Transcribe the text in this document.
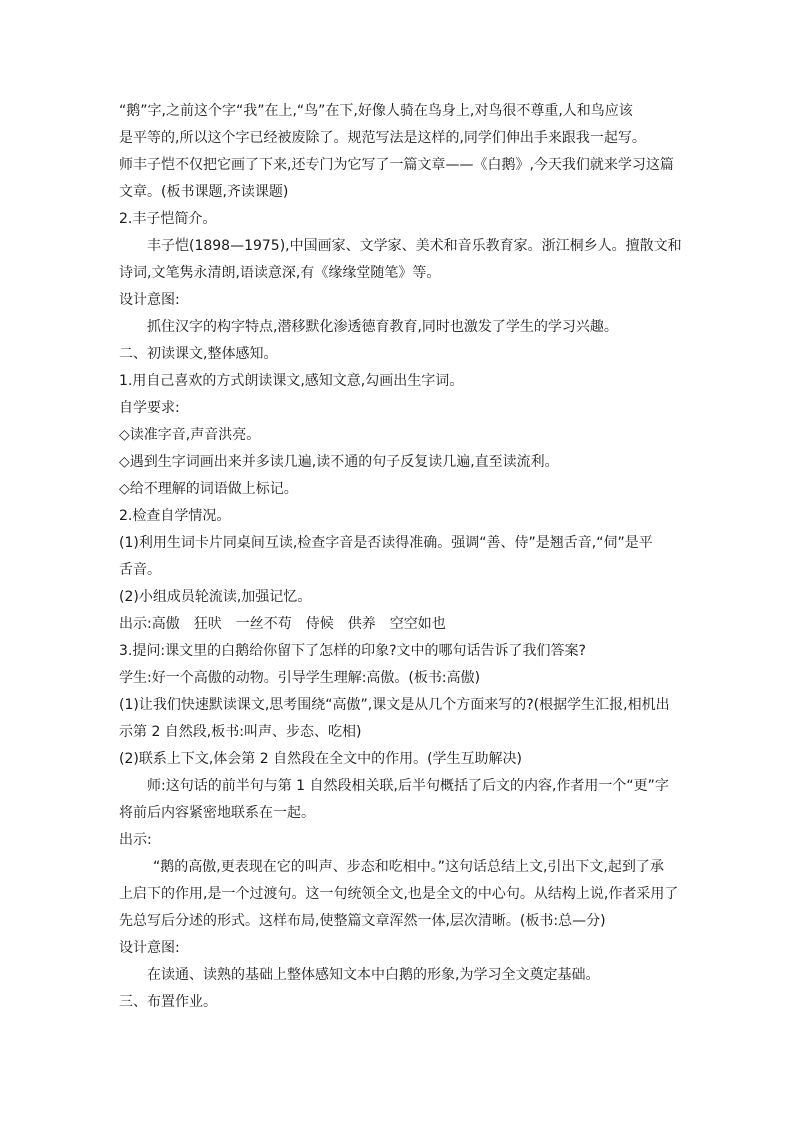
“鹅”字,之前这个字“我”在上,“鸟”在下,好像人骑在鸟身上,对鸟很不尊重,人和鸟应该

是平等的,所以这个字已经被废除了。规范写法是这样的,同学们伸出手来跟我一起写。

师丰子恺不仅把它画了下来,还专门为它写了一篇文章——《白鹅》,今天我们就来学习这篇

文章。(板书课题,齐读课题)

2.丰子恺简介。

丰子恺(1898—1975),中国画家、文学家、美术和音乐教育家。浙江桐乡人。擅散文和

诗词,文笔隽永清朗,语读意深,有《缘缘堂随笔》等。

设计意图:

抓住汉字的构字特点,潜移默化渗透德育教育,同时也激发了学生的学习兴趣。

二、初读课文,整体感知。

1.用自己喜欢的方式朗读课文,感知文意,勾画出生字词。

自学要求:

◇读准字音,声音洪亮。

◇遇到生字词画出来并多读几遍,读不通的句子反复读几遍,直至读流利。

◇给不理解的词语做上标记。

2.检查自学情况。

(1)利用生词卡片同桌间互读,检查字音是否读得准确。强调“善、侍”是翘舌音,“伺”是平

舌音。

(2)小组成员轮流读,加强记忆。

出示:高傲 狂吠 一丝不苟 侍候 供养 空空如也

3.提问:课文里的白鹅给你留下了怎样的印象?文中的哪句话告诉了我们答案?

学生:好一个高傲的动物。引导学生理解:高傲。(板书:高傲)

(1)让我们快速默读课文,思考围绕“高傲”,课文是从几个方面来写的?(根据学生汇报,相机出

示第 2 自然段,板书:叫声、步态、吃相)

(2)联系上下文,体会第 2 自然段在全文中的作用。(学生互助解决)

师:这句话的前半句与第 1 自然段相关联,后半句概括了后文的内容,作者用一个“更”字

将前后内容紧密地联系在一起。

出示:

“鹅的高傲,更表现在它的叫声、步态和吃相中。”这句话总结上文,引出下文,起到了承

上启下的作用,是一个过渡句。这一句统领全文,也是全文的中心句。从结构上说,作者采用了

先总写后分述的形式。这样布局,使整篇文章浑然一体,层次清晰。(板书:总—分)

设计意图:

在读通、读熟的基础上整体感知文本中白鹅的形象,为学习全文奠定基础。

三、布置作业。
